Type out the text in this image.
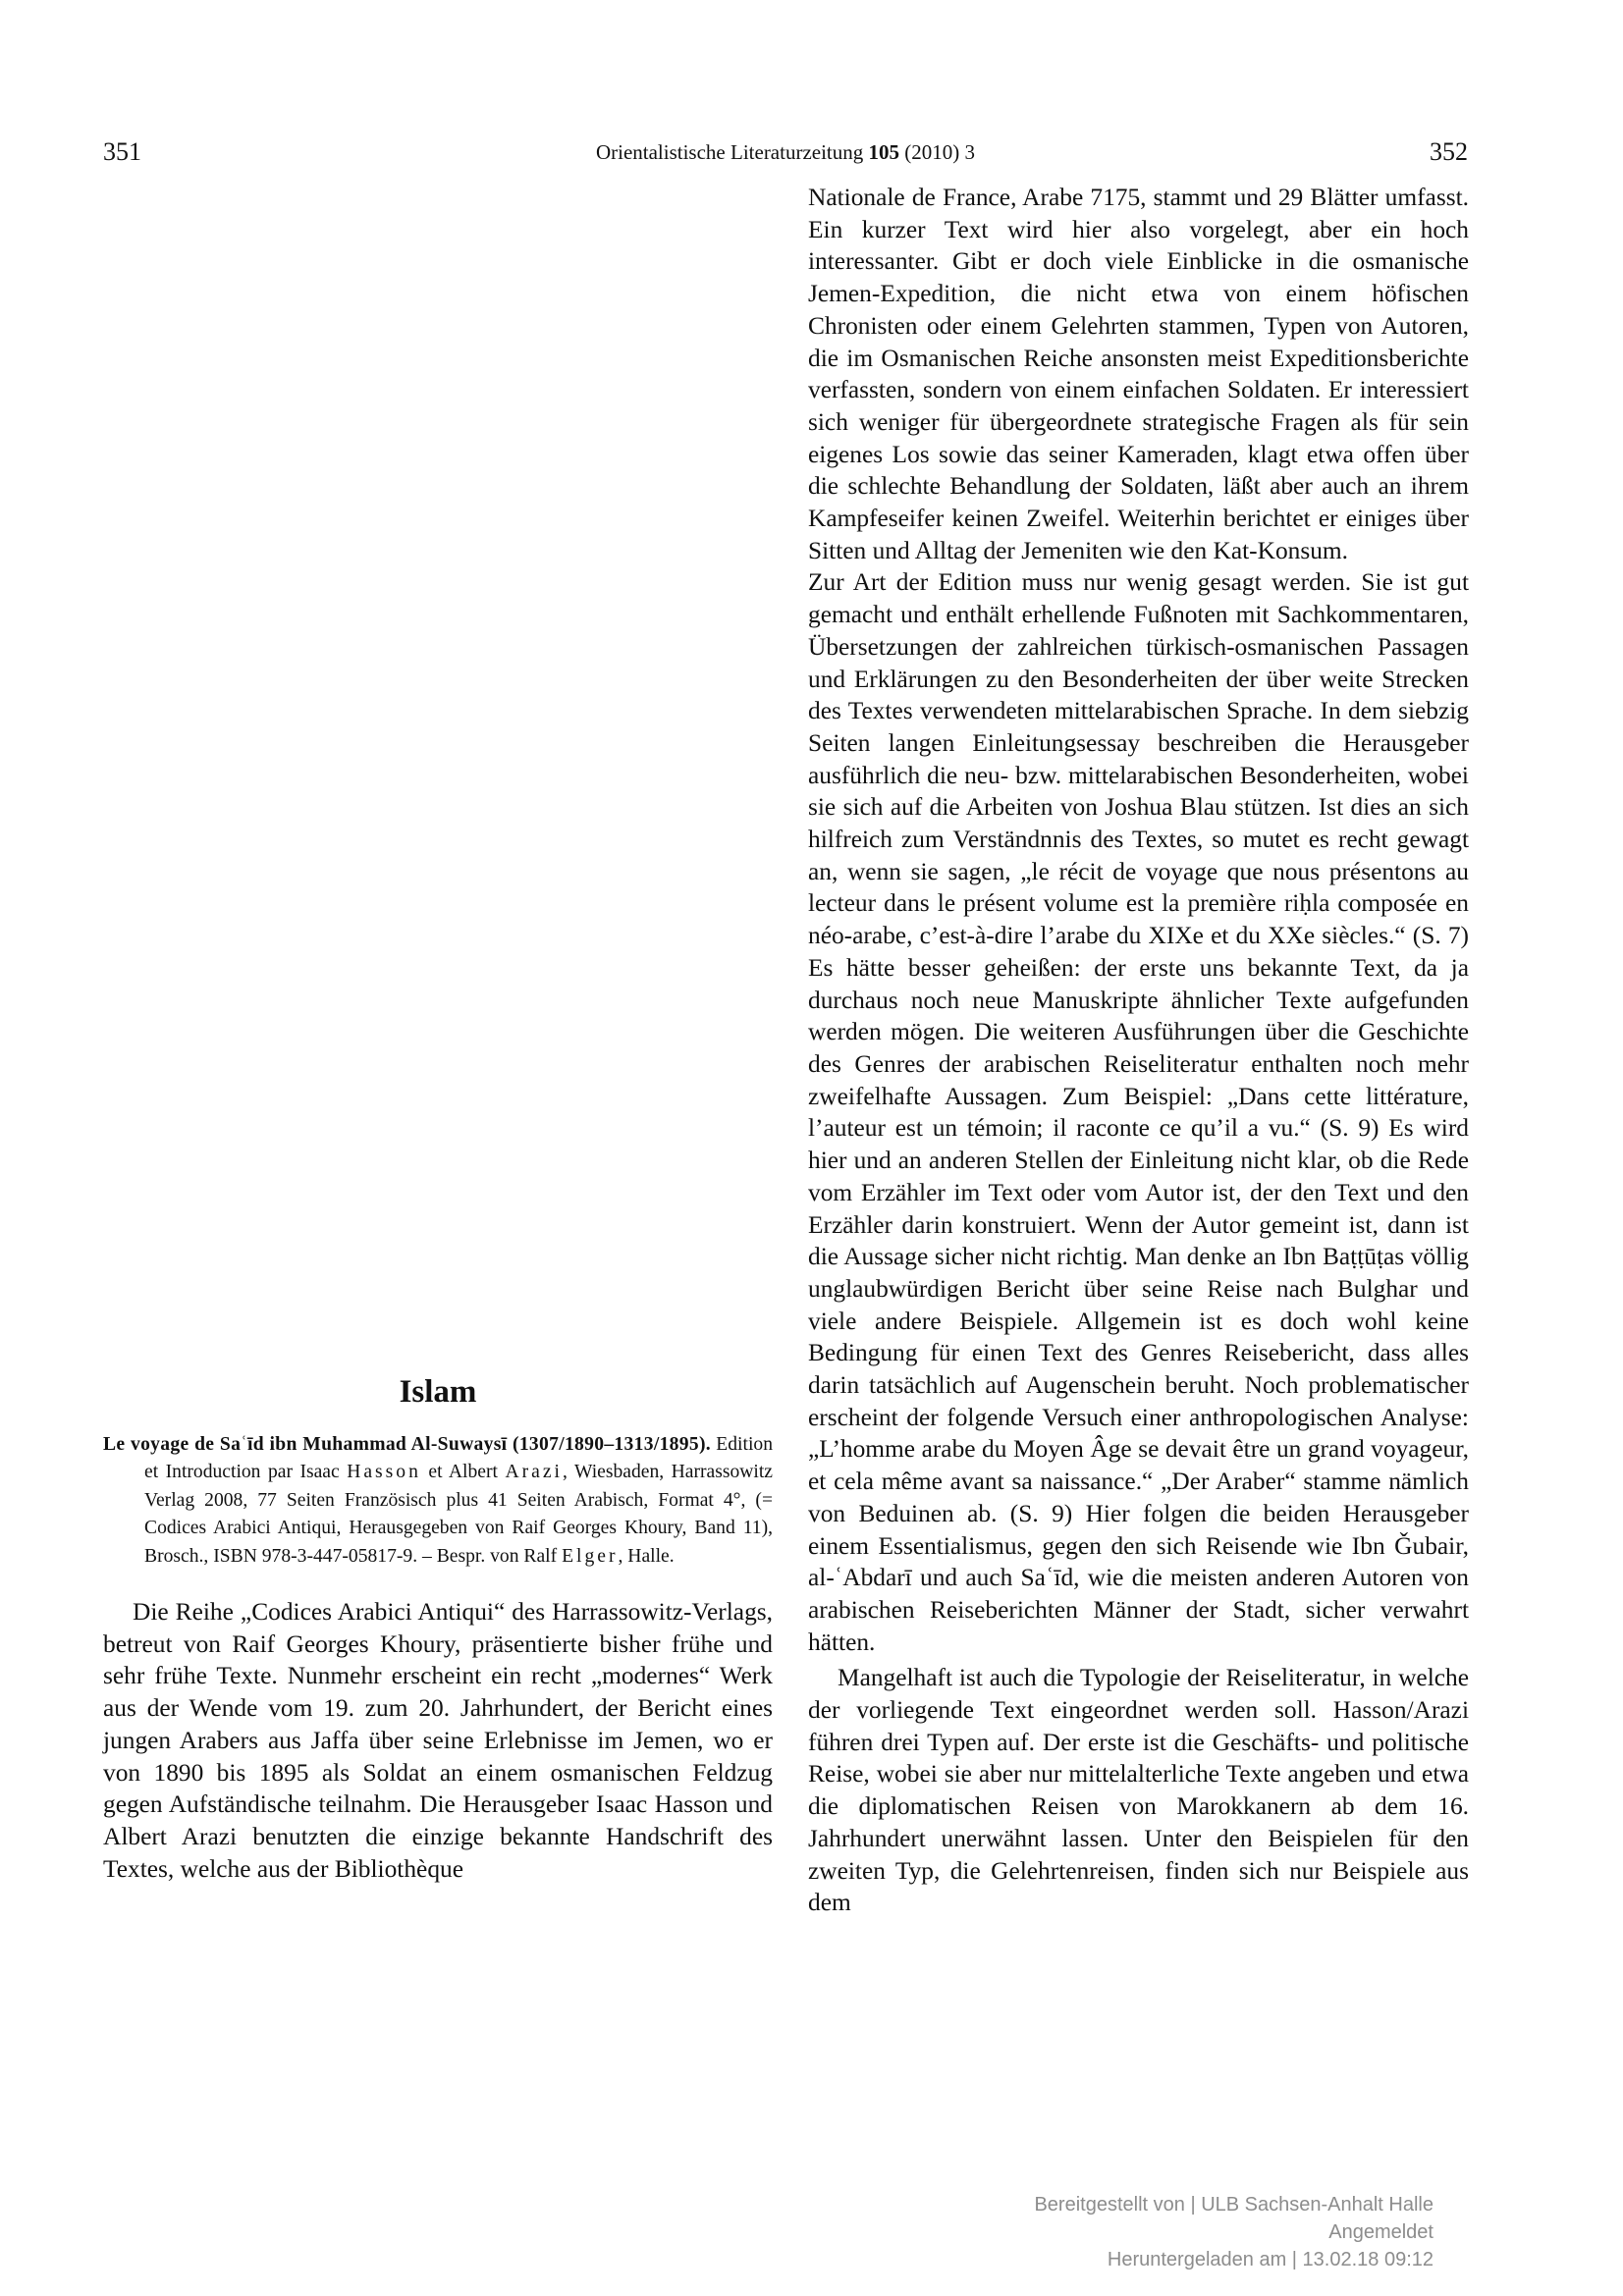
351	Orientalistische Literaturzeitung 105 (2010) 3	352
Islam

Le voyage de Saʿīd ibn Muhammad Al-Suwaysī (1307/1890–1313/1895). Edition et Introduction par Isaac Hasson et Albert Arazi, Wiesbaden, Harrassowitz Verlag 2008, 77 Seiten Französisch plus 41 Seiten Arabisch, Format 4°, (= Codices Arabici Antiqui, Herausgegeben von Raif Georges Khoury, Band 11), Brosch., ISBN 978-3-447-05817-9. – Bespr. von Ralf Elger, Halle.

Die Reihe „Codices Arabici Antiqui“ des Harrassowitz-Verlags, betreut von Raif Georges Khoury, präsentierte bisher frühe und sehr frühe Texte. Nunmehr erscheint ein recht „modernes“ Werk aus der Wende vom 19. zum 20. Jahrhundert, der Bericht eines jungen Arabers aus Jaffa über seine Erlebnisse im Jemen, wo er von 1890 bis 1895 als Soldat an einem osmanischen Feldzug gegen Aufständische teilnahm. Die Herausgeber Isaac Hasson und Albert Arazi benutzten die einzige bekannte Handschrift des Textes, welche aus der Bibliothèque

Nationale de France, Arabe 7175, stammt und 29 Blätter umfasst. Ein kurzer Text wird hier also vorgelegt, aber ein hoch interessanter. Gibt er doch viele Einblicke in die osmanische Jemen-Expedition, die nicht etwa von einem höfischen Chronisten oder einem Gelehrten stammen, Typen von Autoren, die im Osmanischen Reiche ansonsten meist Expeditionsberichte verfassten, sondern von einem einfachen Soldaten. Er interessiert sich weniger für übergeordnete strategische Fragen als für sein eigenes Los sowie das seiner Kameraden, klagt etwa offen über die schlechte Behandlung der Soldaten, läßt aber auch an ihrem Kampfeseifer keinen Zweifel. Weiterhin berichtet er einiges über Sitten und Alltag der Jemeniten wie den Kat-Konsum.

Zur Art der Edition muss nur wenig gesagt werden. Sie ist gut gemacht und enthält erhellende Fußnoten mit Sachkommentaren, Übersetzungen der zahlreichen türkisch-osmanischen Passagen und Erklärungen zu den Besonderheiten der über weite Strecken des Textes verwendeten mittelarabischen Sprache. In dem siebzig Seiten langen Einleitungsessay beschreiben die Herausgeber ausführlich die neu- bzw. mittelarabischen Besonderheiten, wobei sie sich auf die Arbeiten von Joshua Blau stützen. Ist dies an sich hilfreich zum Verständnnis des Textes, so mutet es recht gewagt an, wenn sie sagen, „le récit de voyage que nous présentons au lecteur dans le présent volume est la première riḥla composée en néo-arabe, c’est-à-dire l’arabe du XIXe et du XXe siècles.“ (S. 7) Es hätte besser geheißen: der erste uns bekannte Text, da ja durchaus noch neue Manuskripte ähnlicher Texte aufgefunden werden mögen. Die weiteren Ausführungen über die Geschichte des Genres der arabischen Reiseliteratur enthalten noch mehr zweifelhafte Aussagen. Zum Beispiel: „Dans cette littérature, l’auteur est un témoin; il raconte ce qu’il a vu.“ (S. 9) Es wird hier und an anderen Stellen der Einleitung nicht klar, ob die Rede vom Erzähler im Text oder vom Autor ist, der den Text und den Erzähler darin konstruiert. Wenn der Autor gemeint ist, dann ist die Aussage sicher nicht richtig. Man denke an Ibn Baṭṭūṭas völlig unglaubwürdigen Bericht über seine Reise nach Bulghar und viele andere Beispiele. Allgemein ist es doch wohl keine Bedingung für einen Text des Genres Reisebericht, dass alles darin tatsächlich auf Augenschein beruht. Noch problematischer erscheint der folgende Versuch einer anthropologischen Analyse: „L’homme arabe du Moyen Âge se devait être un grand voyageur, et cela même avant sa naissance.“ „Der Araber“ stamme nämlich von Beduinen ab. (S. 9) Hier folgen die beiden Herausgeber einem Essentialismus, gegen den sich Reisende wie Ibn Ǧubair, al-ʿAbdarī und auch Saʿīd, wie die meisten anderen Autoren von arabischen Reiseberichten Männer der Stadt, sicher verwahrt hätten.

Mangelhaft ist auch die Typologie der Reiseliteratur, in welche der vorliegende Text eingeordnet werden soll. Hasson/Arazi führen drei Typen auf. Der erste ist die Geschäfts- und politische Reise, wobei sie aber nur mittelalterliche Texte angeben und etwa die diplomatischen Reisen von Marokkanern ab dem 16. Jahrhundert unerwähnt lassen. Unter den Beispielen für den zweiten Typ, die Gelehrtenreisen, finden sich nur Beispiele aus dem

Bereitgestellt von | ULB Sachsen-Anhalt Halle
Angemeldet
Heruntergeladen am | 13.02.18 09:12
